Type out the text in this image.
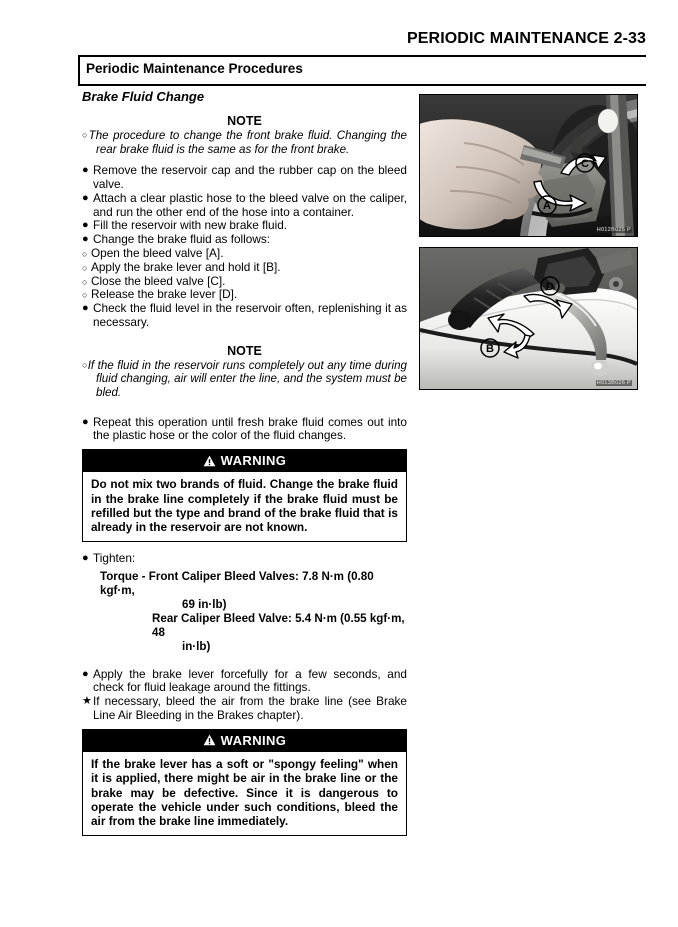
PERIODIC MAINTENANCE 2-33
Periodic Maintenance Procedures
Brake Fluid Change
NOTE

○The procedure to change the front brake fluid. Changing the rear brake fluid is the same as for the front brake.

● Remove the reservoir cap and the rubber cap on the bleed valve.
● Attach a clear plastic hose to the bleed valve on the caliper, and run the other end of the hose into a container.
● Fill the reservoir with new brake fluid.
● Change the brake fluid as follows:
○ Open the bleed valve [A].
○ Apply the brake lever and hold it [B].
○ Close the bleed valve [C].
○ Release the brake lever [D].
● Check the fluid level in the reservoir often, replenishing it as necessary.
NOTE

○If the fluid in the reservoir runs completely out any time during fluid changing, air will enter the line, and the system must be bled.

● Repeat this operation until fresh brake fluid comes out into the plastic hose or the color of the fluid changes.
WARNING
Do not mix two brands of fluid. Change the brake fluid in the brake line completely if the brake fluid must be refilled but the type and brand of the brake fluid that is already in the reservoir are not known.
● Tighten:
Torque - Front Caliper Bleed Valves: 7.8 N·m (0.80 kgf·m,
69 in·lb)
Rear Caliper Bleed Valve: 5.4 N·m (0.55 kgf·m, 48
in·lb)
● Apply the brake lever forcefully for a few seconds, and check for fluid leakage around the fittings.
★ If necessary, bleed the air from the brake line (see Brake Line Air Bleeding in the Brakes chapter).
WARNING
If the brake lever has a soft or "spongy feeling" when it is applied, there might be air in the brake line or the brake may be defective. Since it is dangerous to operate the vehicle under such conditions, bleed the air from the brake line immediately.
A
C
H012B025 P
D
B
H013B026 P
